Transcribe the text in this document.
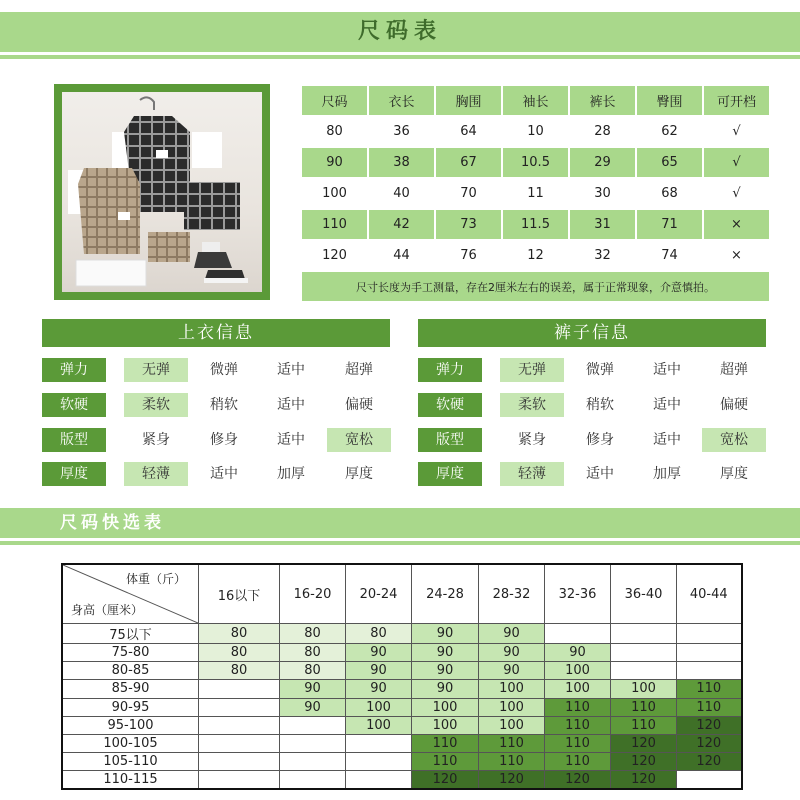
尺码表
尺码	衣长	胸围	袖长	裤长	臀围	可开档
80	36	64	10	28	62	√
90	38	67	10.5	29	65	√
100	40	70	11	30	68	√
110	42	73	11.5	31	71	×
120	44	76	12	32	74	×
尺寸长度为手工测量，存在2厘米左右的误差，属于正常现象，介意慎拍。						
上衣信息
弹力	无弹	微弹	适中	超弹
软硬	柔软	稍软	适中	偏硬
版型	紧身	修身	适中	宽松
厚度	轻薄	适中	加厚	厚度
裤子信息
弹力	无弹	微弹	适中	超弹
软硬	柔软	稍软	适中	偏硬
版型	紧身	修身	适中	宽松
厚度	轻薄	适中	加厚	厚度
尺码快选表
体重（斤）
身高（厘米）	16以下	16-20	20-24	24-28	28-32	32-36	36-40	40-44
75以下	80	80	80	90	90			
75-80	80	80	90	90	90	90		
80-85	80	80	90	90	90	100		
85-90		90	90	90	100	100	100	110
90-95		90	100	100	100	110	110	110
95-100			100	100	100	110	110	120
100-105				110	110	110	120	120
105-110				110	110	110	120	120
110-115				120	120	120	120	
